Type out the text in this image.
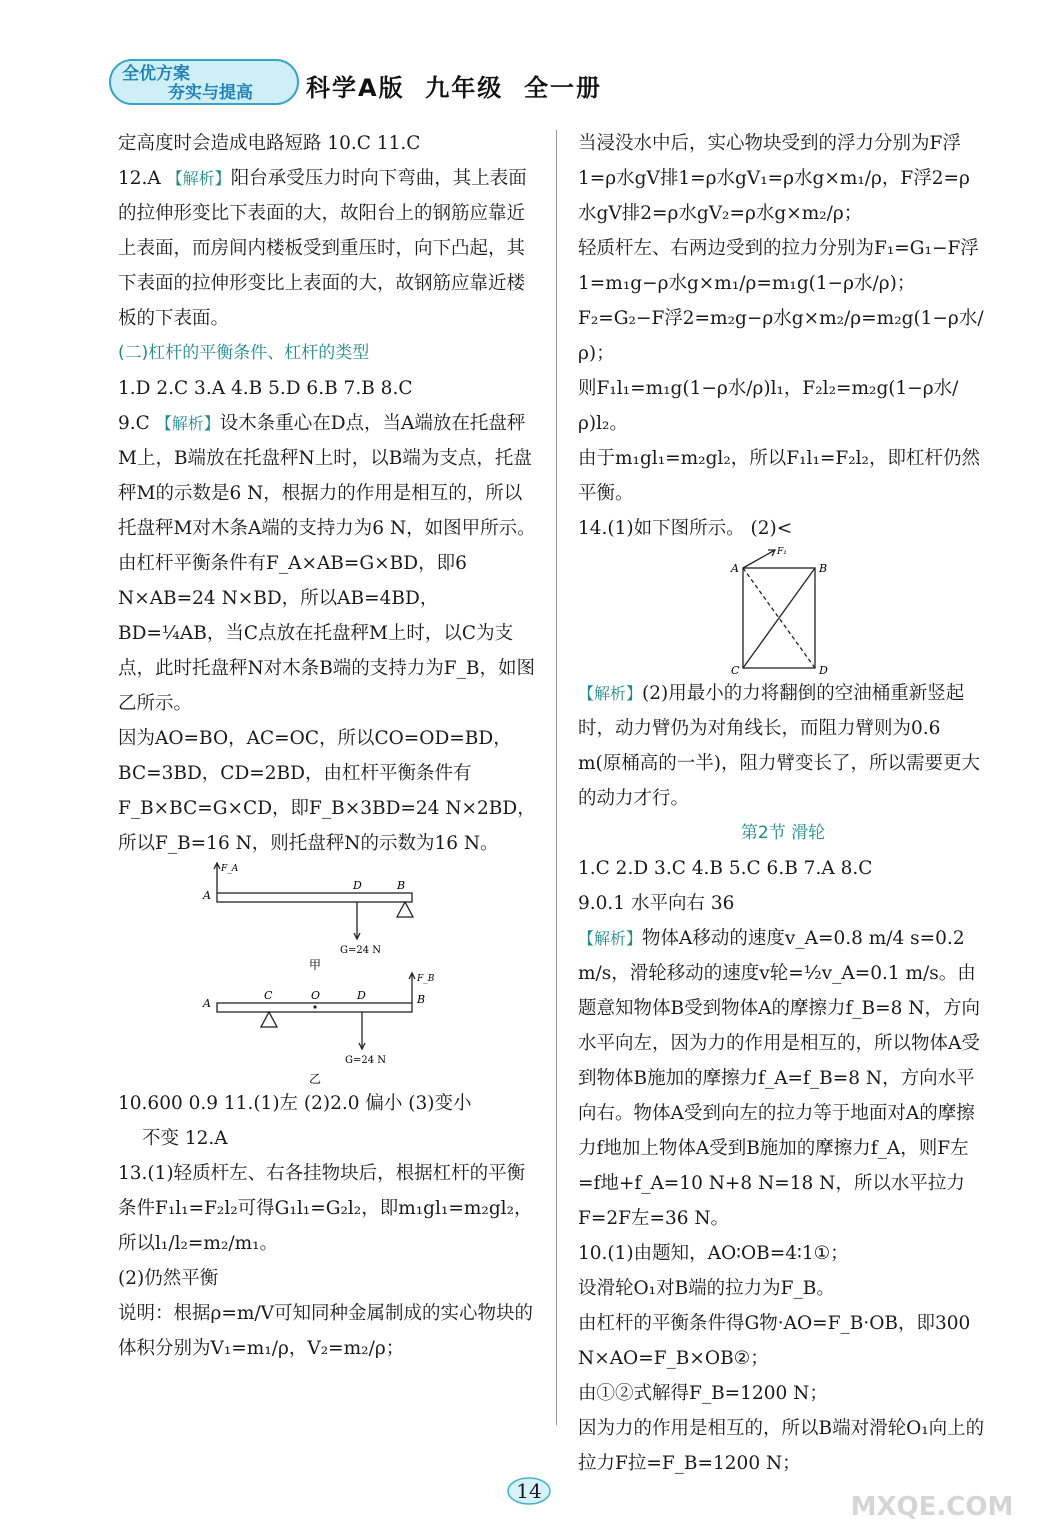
全优方案
夯实与提高 科学A版  九年级  全一册

定高度时会造成电路短路 10.C 11.C

12.A 【解析】阳台承受压力时向下弯曲，其上表面的拉伸形变比下表面的大，故阳台上的钢筋应靠近上表面，而房间内楼板受到重压时，向下凸起，其下表面的拉伸形变比上表面的大，故钢筋应靠近楼板的下表面。

(二)杠杆的平衡条件、杠杆的类型

1.D 2.C 3.A 4.B 5.D 6.B 7.B 8.C

9.C 【解析】设木条重心在D点，当A端放在托盘秤M上，B端放在托盘秤N上时，以B端为支点，托盘秤M的示数是6 N，根据力的作用是相互的，所以托盘秤M对木条A端的支持力为6 N，如图甲所示。

由杠杆平衡条件有F_A×AB=G×BD，即6 N×AB=24 N×BD，所以AB=4BD，BD=¼AB，当C点放在托盘秤M上时，以C为支点，此时托盘秤N对木条B端的支持力为F_B，如图乙所示。

因为AO=BO，AC=OC，所以CO=OD=BD，BC=3BD，CD=2BD，由杠杆平衡条件有F_B×BC=G×CD，即F_B×3BD=24 N×2BD，所以F_B=16 N，则托盘秤N的示数为16 N。

F_A
A
D	B
G=24 N
甲
F_B
A
C	O	D	B
G=24 N
乙

10.600 0.9 11.(1)左 (2)2.0 偏小 (3)变小

不变 12.A

13.(1)轻质杆左、右各挂物块后，根据杠杆的平衡条件F₁l₁=F₂l₂可得G₁l₁=G₂l₂，即m₁gl₁=m₂gl₂，所以l₁/l₂=m₂/m₁。

(2)仍然平衡

说明：根据ρ=m/V可知同种金属制成的实心物块的体积分别为V₁=m₁/ρ，V₂=m₂/ρ；

当浸没水中后，实心物块受到的浮力分别为F浮1=ρ水gV排1=ρ水gV₁=ρ水g×m₁/ρ，F浮2=ρ水gV排2=ρ水gV₂=ρ水g×m₂/ρ；

轻质杆左、右两边受到的拉力分别为F₁=G₁−F浮1=m₁g−ρ水g×m₁/ρ=m₁g(1−ρ水/ρ)；

F₂=G₂−F浮2=m₂g−ρ水g×m₂/ρ=m₂g(1−ρ水/ρ)；

则F₁l₁=m₁g(1−ρ水/ρ)l₁，F₂l₂=m₂g(1−ρ水/ρ)l₂。

由于m₁gl₁=m₂gl₂，所以F₁l₁=F₂l₂，即杠杆仍然平衡。

14.(1)如下图所示。 (2)<

F₁
A	B
C	D

【解析】(2)用最小的力将翻倒的空油桶重新竖起时，动力臂仍为对角线长，而阻力臂则为0.6 m(原桶高的一半)，阻力臂变长了，所以需要更大的动力才行。

第2节 滑轮

1.C 2.D 3.C 4.B 5.C 6.B 7.A 8.C

9.0.1 水平向右 36

【解析】物体A移动的速度v_A=0.8 m/4 s=0.2 m/s，滑轮移动的速度v轮=½v_A=0.1 m/s。由题意知物体B受到物体A的摩擦力f_B=8 N，方向水平向左，因为力的作用是相互的，所以物体A受到物体B施加的摩擦力f_A=f_B=8 N，方向水平向右。物体A受到向左的拉力等于地面对A的摩擦力f地加上物体A受到B施加的摩擦力f_A，则F左=f地+f_A=10 N+8 N=18 N，所以水平拉力F=2F左=36 N。

10.(1)由题知，AO∶OB=4∶1①；

设滑轮O₁对B端的拉力为F_B。

由杠杆的平衡条件得G物·AO=F_B·OB，即300 N×AO=F_B×OB②；

由①②式解得F_B=1200 N；

因为力的作用是相互的，所以B端对滑轮O₁向上的拉力F拉=F_B=1200 N；

14
MXQE.COM
